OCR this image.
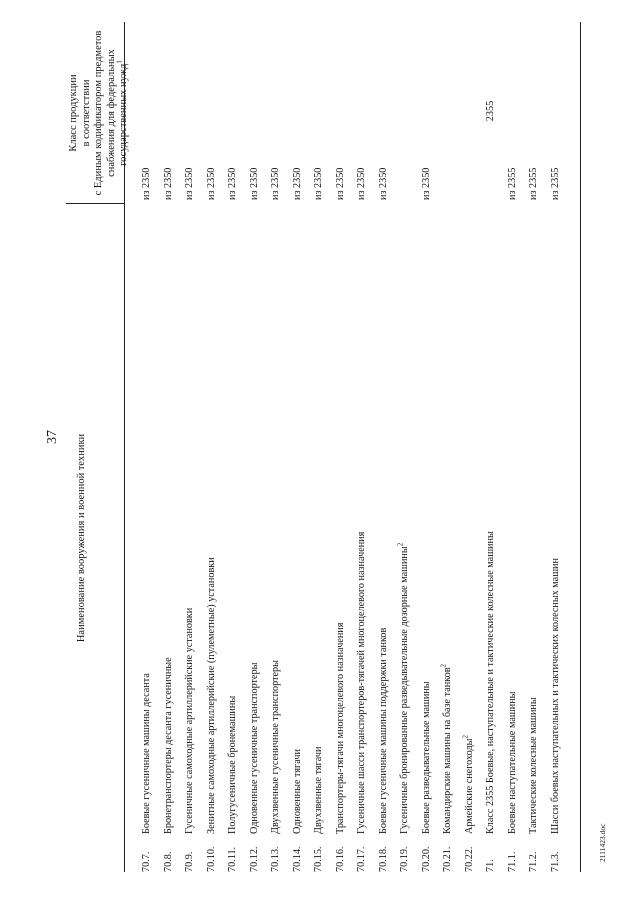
37
2111423.doc
Наименование вооружения и военной техники
Класс продукции в соответствии с Единым кодификатором предметов снабжения для федеральных государственных нужд$^1$
70.7.
Боевые гусеничные машины десанта
из 2350
70.8.
Бронетранспортеры десанта гусеничные
из 2350
70.9.
Гусеничные самоходные артиллерийские установки
из 2350
70.10.
Зенитные самоходные артиллерийские (пулеметные) установки
из 2350
70.11.
Полугусеничные бронемашины
из 2350
70.12.
Одновенные гусеничные транспортеры
из 2350
70.13.
Двухзвенные гусеничные транспортеры
из 2350
70.14.
Одновенные тягачи
из 2350
70.15.
Двухзвенные тягачи
из 2350
70.16.
Транспортеры-тягачи многоцелевого назначения
из 2350
70.17.
Гусеничные шасси транспортеров-тягачей многоцелевого назначения
из 2350
70.18.
Боевые гусеничные машины поддержки танков
из 2350
70.19.
Гусеничные бронированные разведывательные дозорные машины$^2$
70.20.
Боевые разведывательные машины
из 2350
70.21.
Командирские машины на базе танков$^2$
70.22.
Армейские снегоходы$^2$
71.
Класс 2355 Боевые, наступательные и тактические колесные машины
2355
71.1.
Боевые наступательные машины
из 2355
71.2.
Тактические колесные машины
из 2355
71.3.
Шасси боевых наступательных и тактических колесных машин
из 2355
